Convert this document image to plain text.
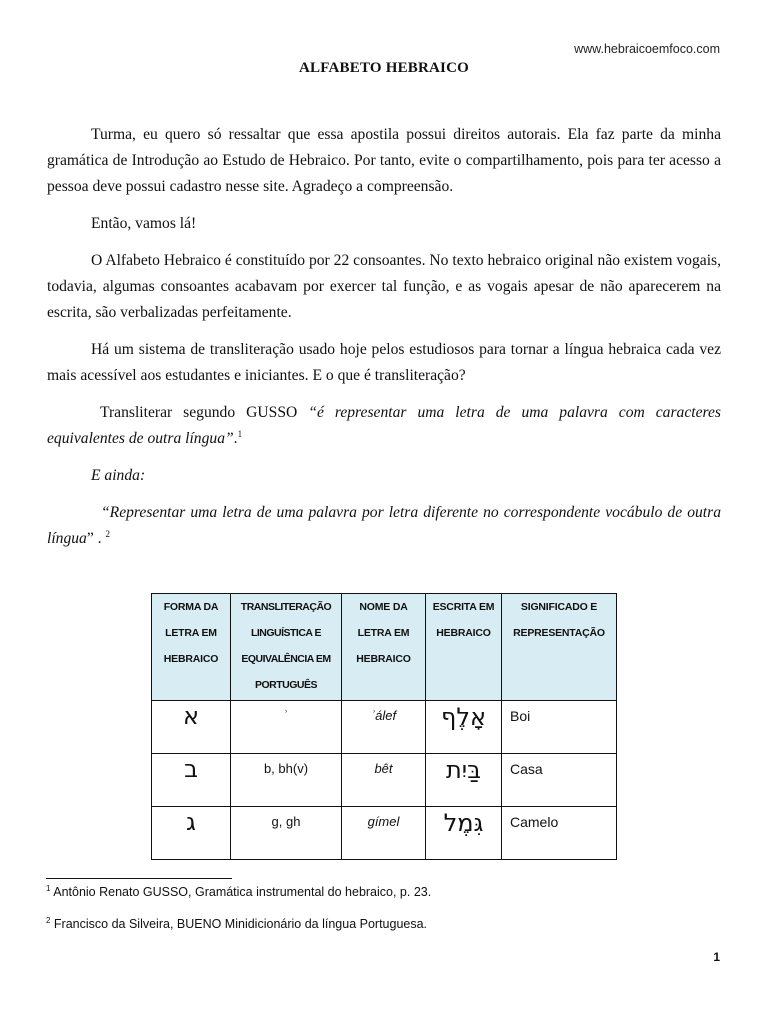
www.hebraicoemfoco.com
ALFABETO HEBRAICO

Turma, eu quero só ressaltar que essa apostila possui direitos autorais. Ela faz parte da minha gramática de Introdução ao Estudo de Hebraico. Por tanto, evite o compartilhamento, pois para ter acesso a pessoa deve possui cadastro nesse site. Agradeço a compreensão.

Então, vamos lá!

O Alfabeto Hebraico é constituído por 22 consoantes. No texto hebraico original não existem vogais, todavia, algumas consoantes acabavam por exercer tal função, e as vogais apesar de não aparecerem na escrita, são verbalizadas perfeitamente.

Há um sistema de transliteração usado hoje pelos estudiosos para tornar a língua hebraica cada vez mais acessível aos estudantes e iniciantes. E o que é transliteração?

Transliterar segundo GUSSO “é representar uma letra de uma palavra com caracteres equivalentes de outra língua”.$^1$

E ainda:

“Representar uma letra de uma palavra por letra diferente no correspondente vocábulo de outra língua” . $^2$

FORMA DA LETRA EM HEBRAICO	TRANSLITERAÇÃO LINGUÍSTICA E EQUIVALÊNCIA EM PORTUGUÊS	NOME DA LETRA EM HEBRAICO	ESCRITA EM HEBRAICO	SIGNIFICADO E REPRESENTAÇÃO
א	ʾ	ʾálef	אָלֶף	Boi
ב	b, bh(v)	bêt	בַּיִת	Casa
ג	g, gh	gímel	גִּמֶל	Camelo
$^1$ Antônio Renato GUSSO, Gramática instrumental do hebraico, p. 23.
$^2$ Francisco da Silveira, BUENO Minidicionário da língua Portuguesa.
1
